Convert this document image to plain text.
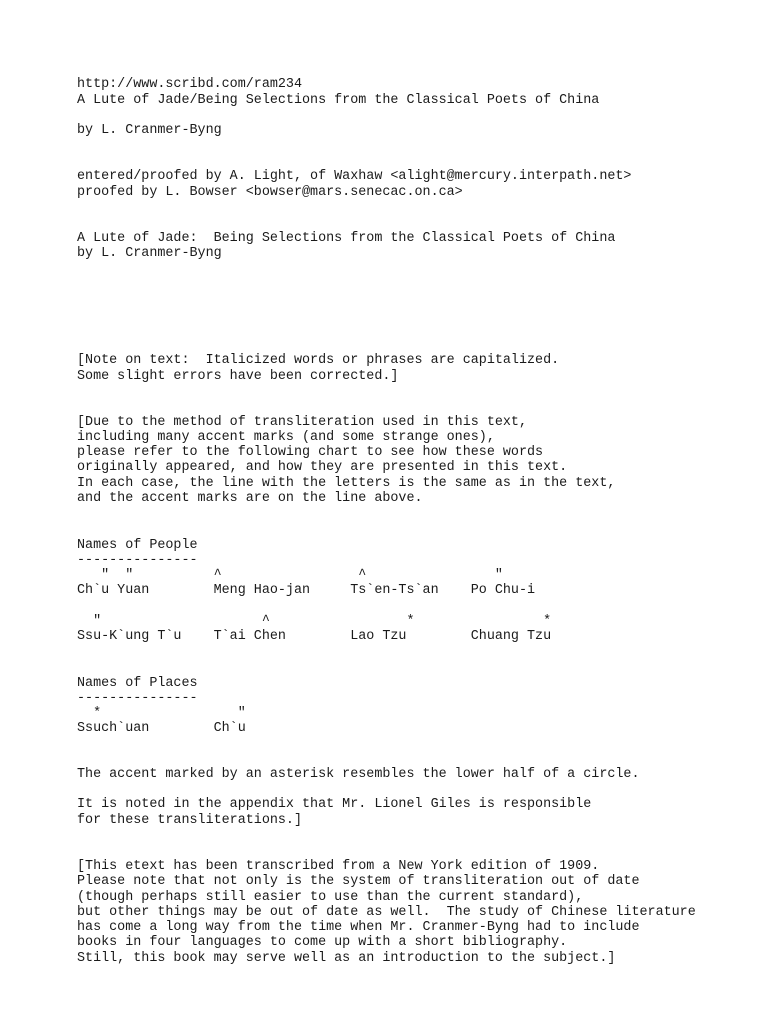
http://www.scribd.com/ram234

A Lute of Jade/Being Selections from the Classical Poets of China

by L. Cranmer-Byng

entered/proofed by A. Light, of Waxhaw <alight@mercury.interpath.net>

proofed by L. Bowser <bowser@mars.senecac.on.ca>

A Lute of Jade:  Being Selections from the Classical Poets of China

by L. Cranmer-Byng

[Note on text:  Italicized words or phrases are capitalized.

Some slight errors have been corrected.]

[Due to the method of transliteration used in this text,

including many accent marks (and some strange ones),

please refer to the following chart to see how these words

originally appeared, and how they are presented in this text.

In each case, the line with the letters is the same as in the text,

and the accent marks are on the line above.

Names of People

---------------

"  "          ^                 ^                "

Ch`u Yuan        Meng Hao-jan     Ts`en-Ts`an    Po Chu-i

"                    ^                 *                *

Ssu-K`ung T`u    T`ai Chen        Lao Tzu        Chuang Tzu

Names of Places

---------------

*                 "

Ssuch`uan        Ch`u

The accent marked by an asterisk resembles the lower half of a circle.

It is noted in the appendix that Mr. Lionel Giles is responsible

for these transliterations.]

[This etext has been transcribed from a New York edition of 1909.

Please note that not only is the system of transliteration out of date

(though perhaps still easier to use than the current standard),

but other things may be out of date as well.  The study of Chinese literature

has come a long way from the time when Mr. Cranmer-Byng had to include

books in four languages to come up with a short bibliography.

Still, this book may serve well as an introduction to the subject.]
